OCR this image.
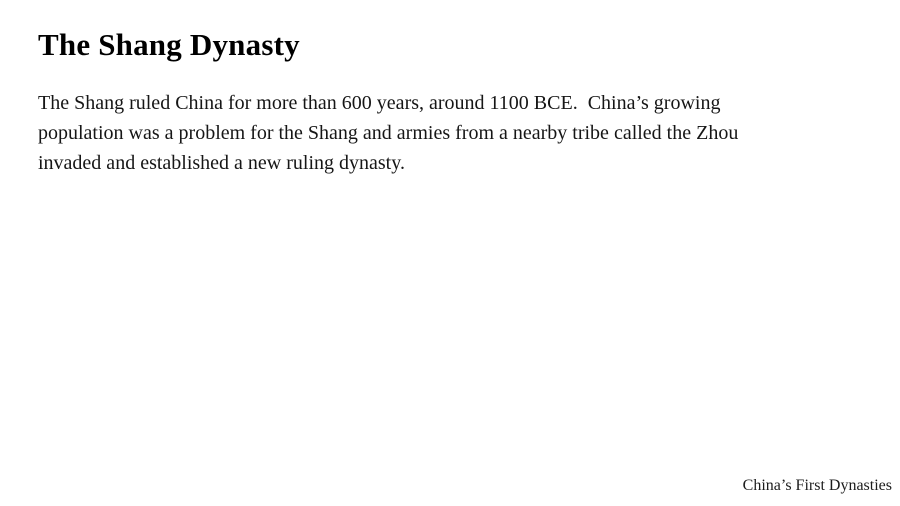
The Shang Dynasty
The Shang ruled China for more than 600 years, around 1100 BCE.  China’s growing
population was a problem for the Shang and armies from a nearby tribe called the Zhou
invaded and established a new ruling dynasty.
China’s First Dynasties
